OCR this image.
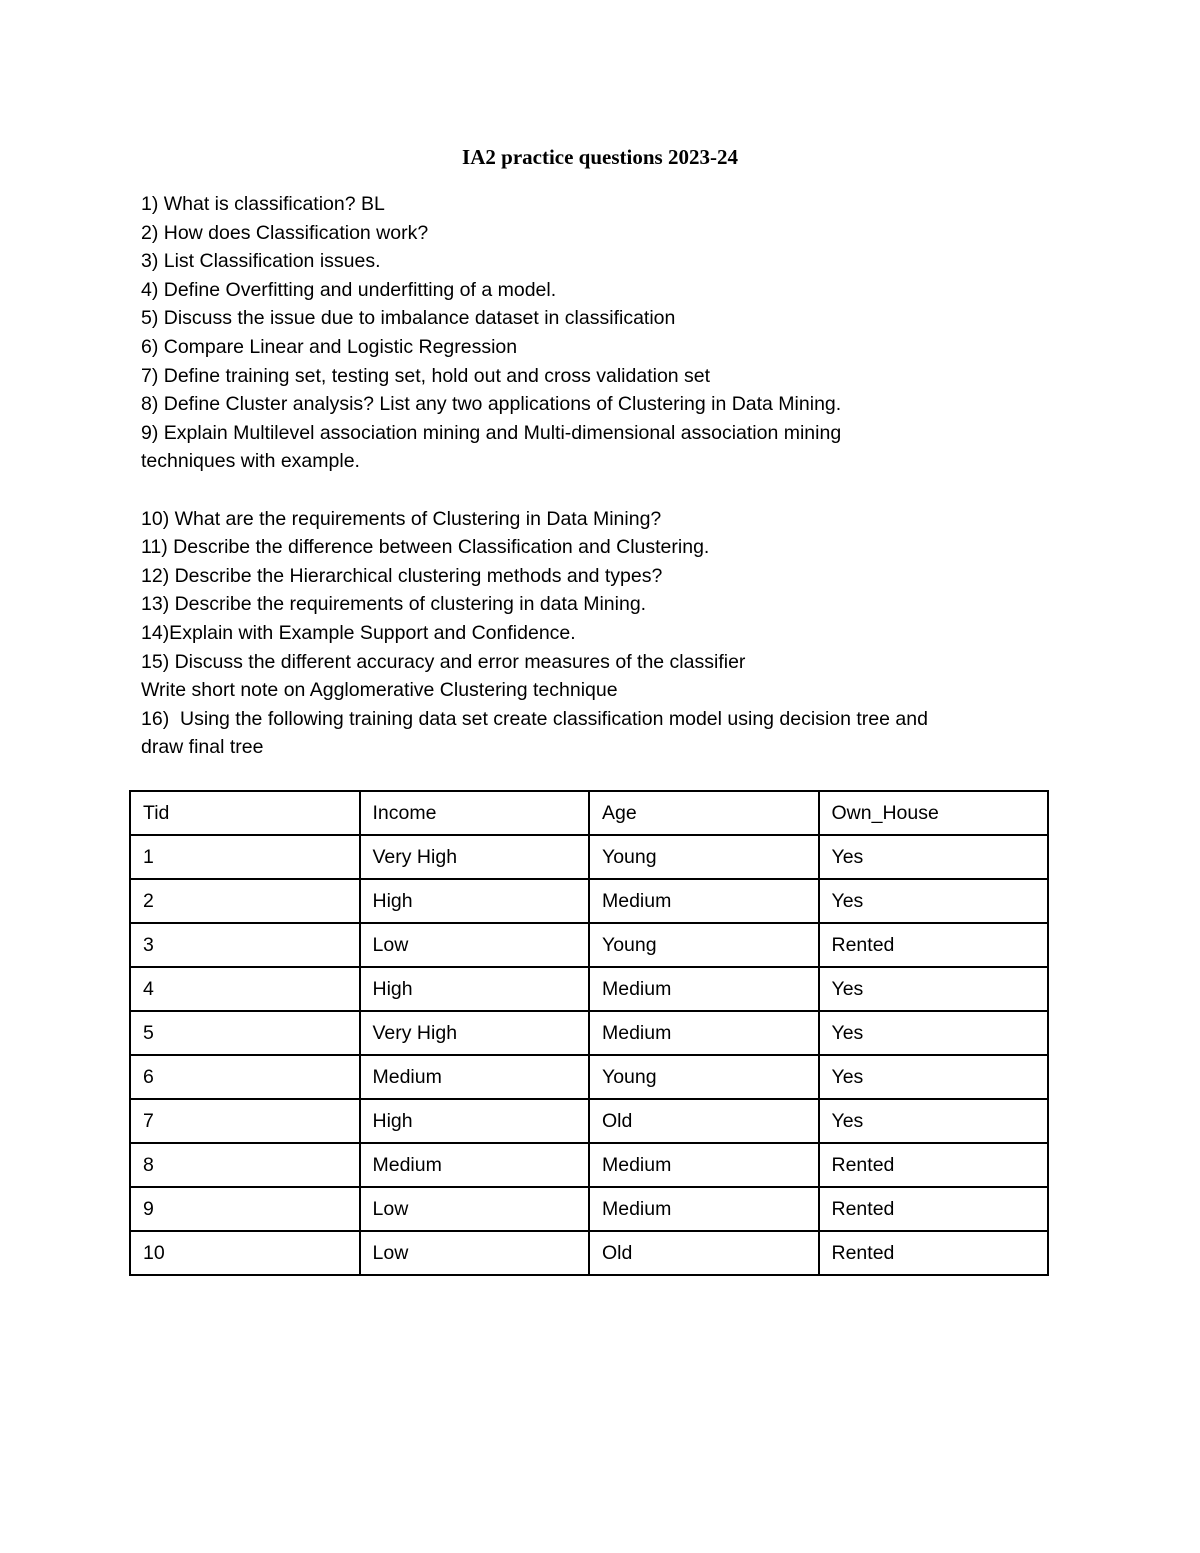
IA2 practice questions 2023-24
1) What is classification? BL
2) How does Classification work?
3) List Classification issues.
4) Define Overfitting and underfitting of a model.
5) Discuss the issue due to imbalance dataset in classification
6) Compare Linear and Logistic Regression
7) Define training set, testing set, hold out and cross validation set
8) Define Cluster analysis? List any two applications of Clustering in Data Mining.
9) Explain Multilevel association mining and Multi-dimensional association mining
techniques with example.
10) What are the requirements of Clustering in Data Mining?
11) Describe the difference between Classification and Clustering.
12) Describe the Hierarchical clustering methods and types?
13) Describe the requirements of clustering in data Mining.
14)Explain with Example Support and Confidence.
15) Discuss the different accuracy and error measures of the classifier
Write short note on Agglomerative Clustering technique
16)  Using the following training data set create classification model using decision tree and
draw final tree
Tid	Income	Age	Own_House
1	Very High	Young	Yes
2	High	Medium	Yes
3	Low	Young	Rented
4	High	Medium	Yes
5	Very High	Medium	Yes
6	Medium	Young	Yes
7	High	Old	Yes
8	Medium	Medium	Rented
9	Low	Medium	Rented
10	Low	Old	Rented
